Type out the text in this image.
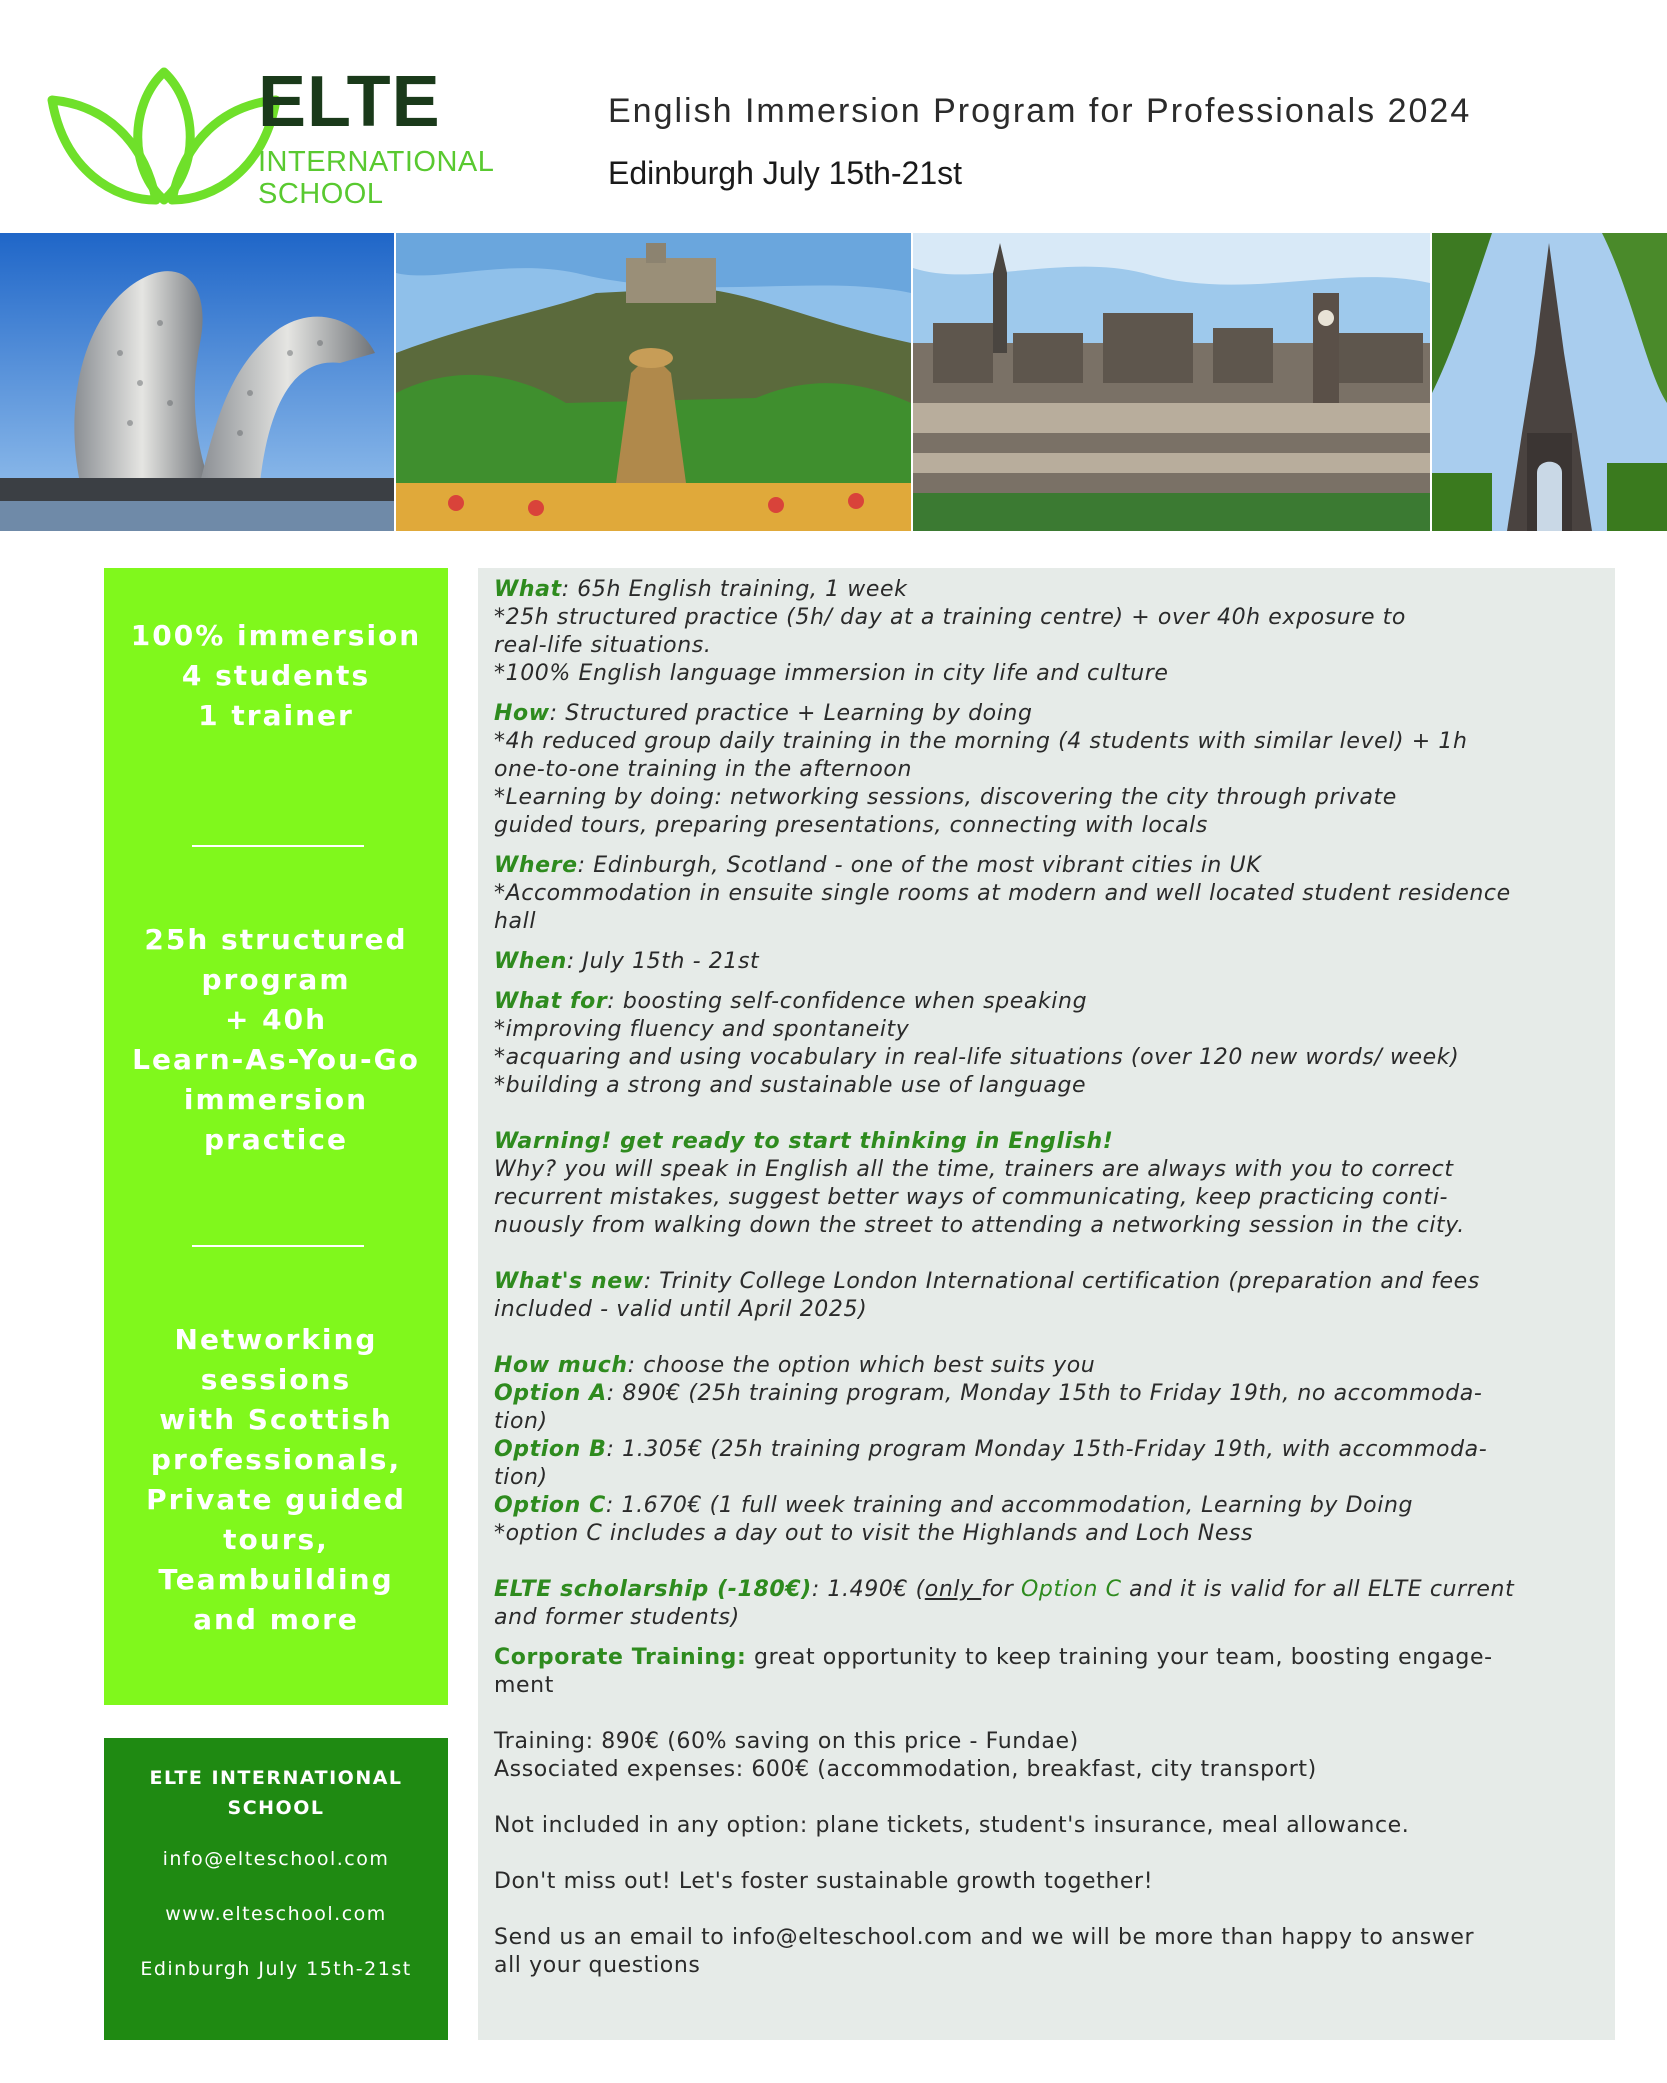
ELTE
INTERNATIONAL
SCHOOL
English Immersion Program for Professionals 2024
Edinburgh July 15th-21st
100% immersion
4 students
1 trainer
25h structured
program
+ 40h
Learn-As-You-Go
immersion
practice
Networking
sessions
with Scottish
professionals,
Private guided
tours,
Teambuilding
and more
ELTE INTERNATIONAL
SCHOOL
info@elteschool.com
www.elteschool.com
Edinburgh July 15th-21st

What: 65h English training, 1 week

*25h structured practice (5h/ day at a training centre) + over 40h exposure to

real-life situations.

*100% English language immersion in city life and culture

How: Structured practice + Learning by doing

*4h reduced group daily training in the morning (4 students with similar level) + 1h

one-to-one training in the afternoon

*Learning by doing: networking sessions, discovering the city through private

guided tours, preparing presentations, connecting with locals

Where: Edinburgh, Scotland - one of the most vibrant cities in UK

*Accommodation in ensuite single rooms at modern and well located student residence

hall

When: July 15th - 21st

What for: boosting self-confidence when speaking

*improving fluency and spontaneity

*acquaring and using vocabulary in real-life situations (over 120 new words/ week)

*building a strong and sustainable use of language

Warning! get ready to start thinking in English!

Why? you will speak in English all the time, trainers are always with you to correct

recurrent mistakes, suggest better ways of communicating, keep practicing conti-

nuously from walking down the street to attending a networking session in the city.

What's new: Trinity College London International certification (preparation and fees

included - valid until April 2025)

How much: choose the option which best suits you

Option A: 890€ (25h training program, Monday 15th to Friday 19th, no accommoda-

tion)

Option B: 1.305€ (25h training program Monday 15th-Friday 19th, with accommoda-

tion)

Option C: 1.670€ (1 full week training and accommodation, Learning by Doing

*option C includes a day out to visit the Highlands and Loch Ness

ELTE scholarship (-180€): 1.490€ (only for Option C and it is valid for all ELTE current

and former students)

Corporate Training: great opportunity to keep training your team, boosting engage-

ment

Training: 890€ (60% saving on this price - Fundae)

Associated expenses: 600€ (accommodation, breakfast, city transport)

Not included in any option: plane tickets, student's insurance, meal allowance.

Don't miss out! Let's foster sustainable growth together!

Send us an email to info@elteschool.com and we will be more than happy to answer

all your questions
